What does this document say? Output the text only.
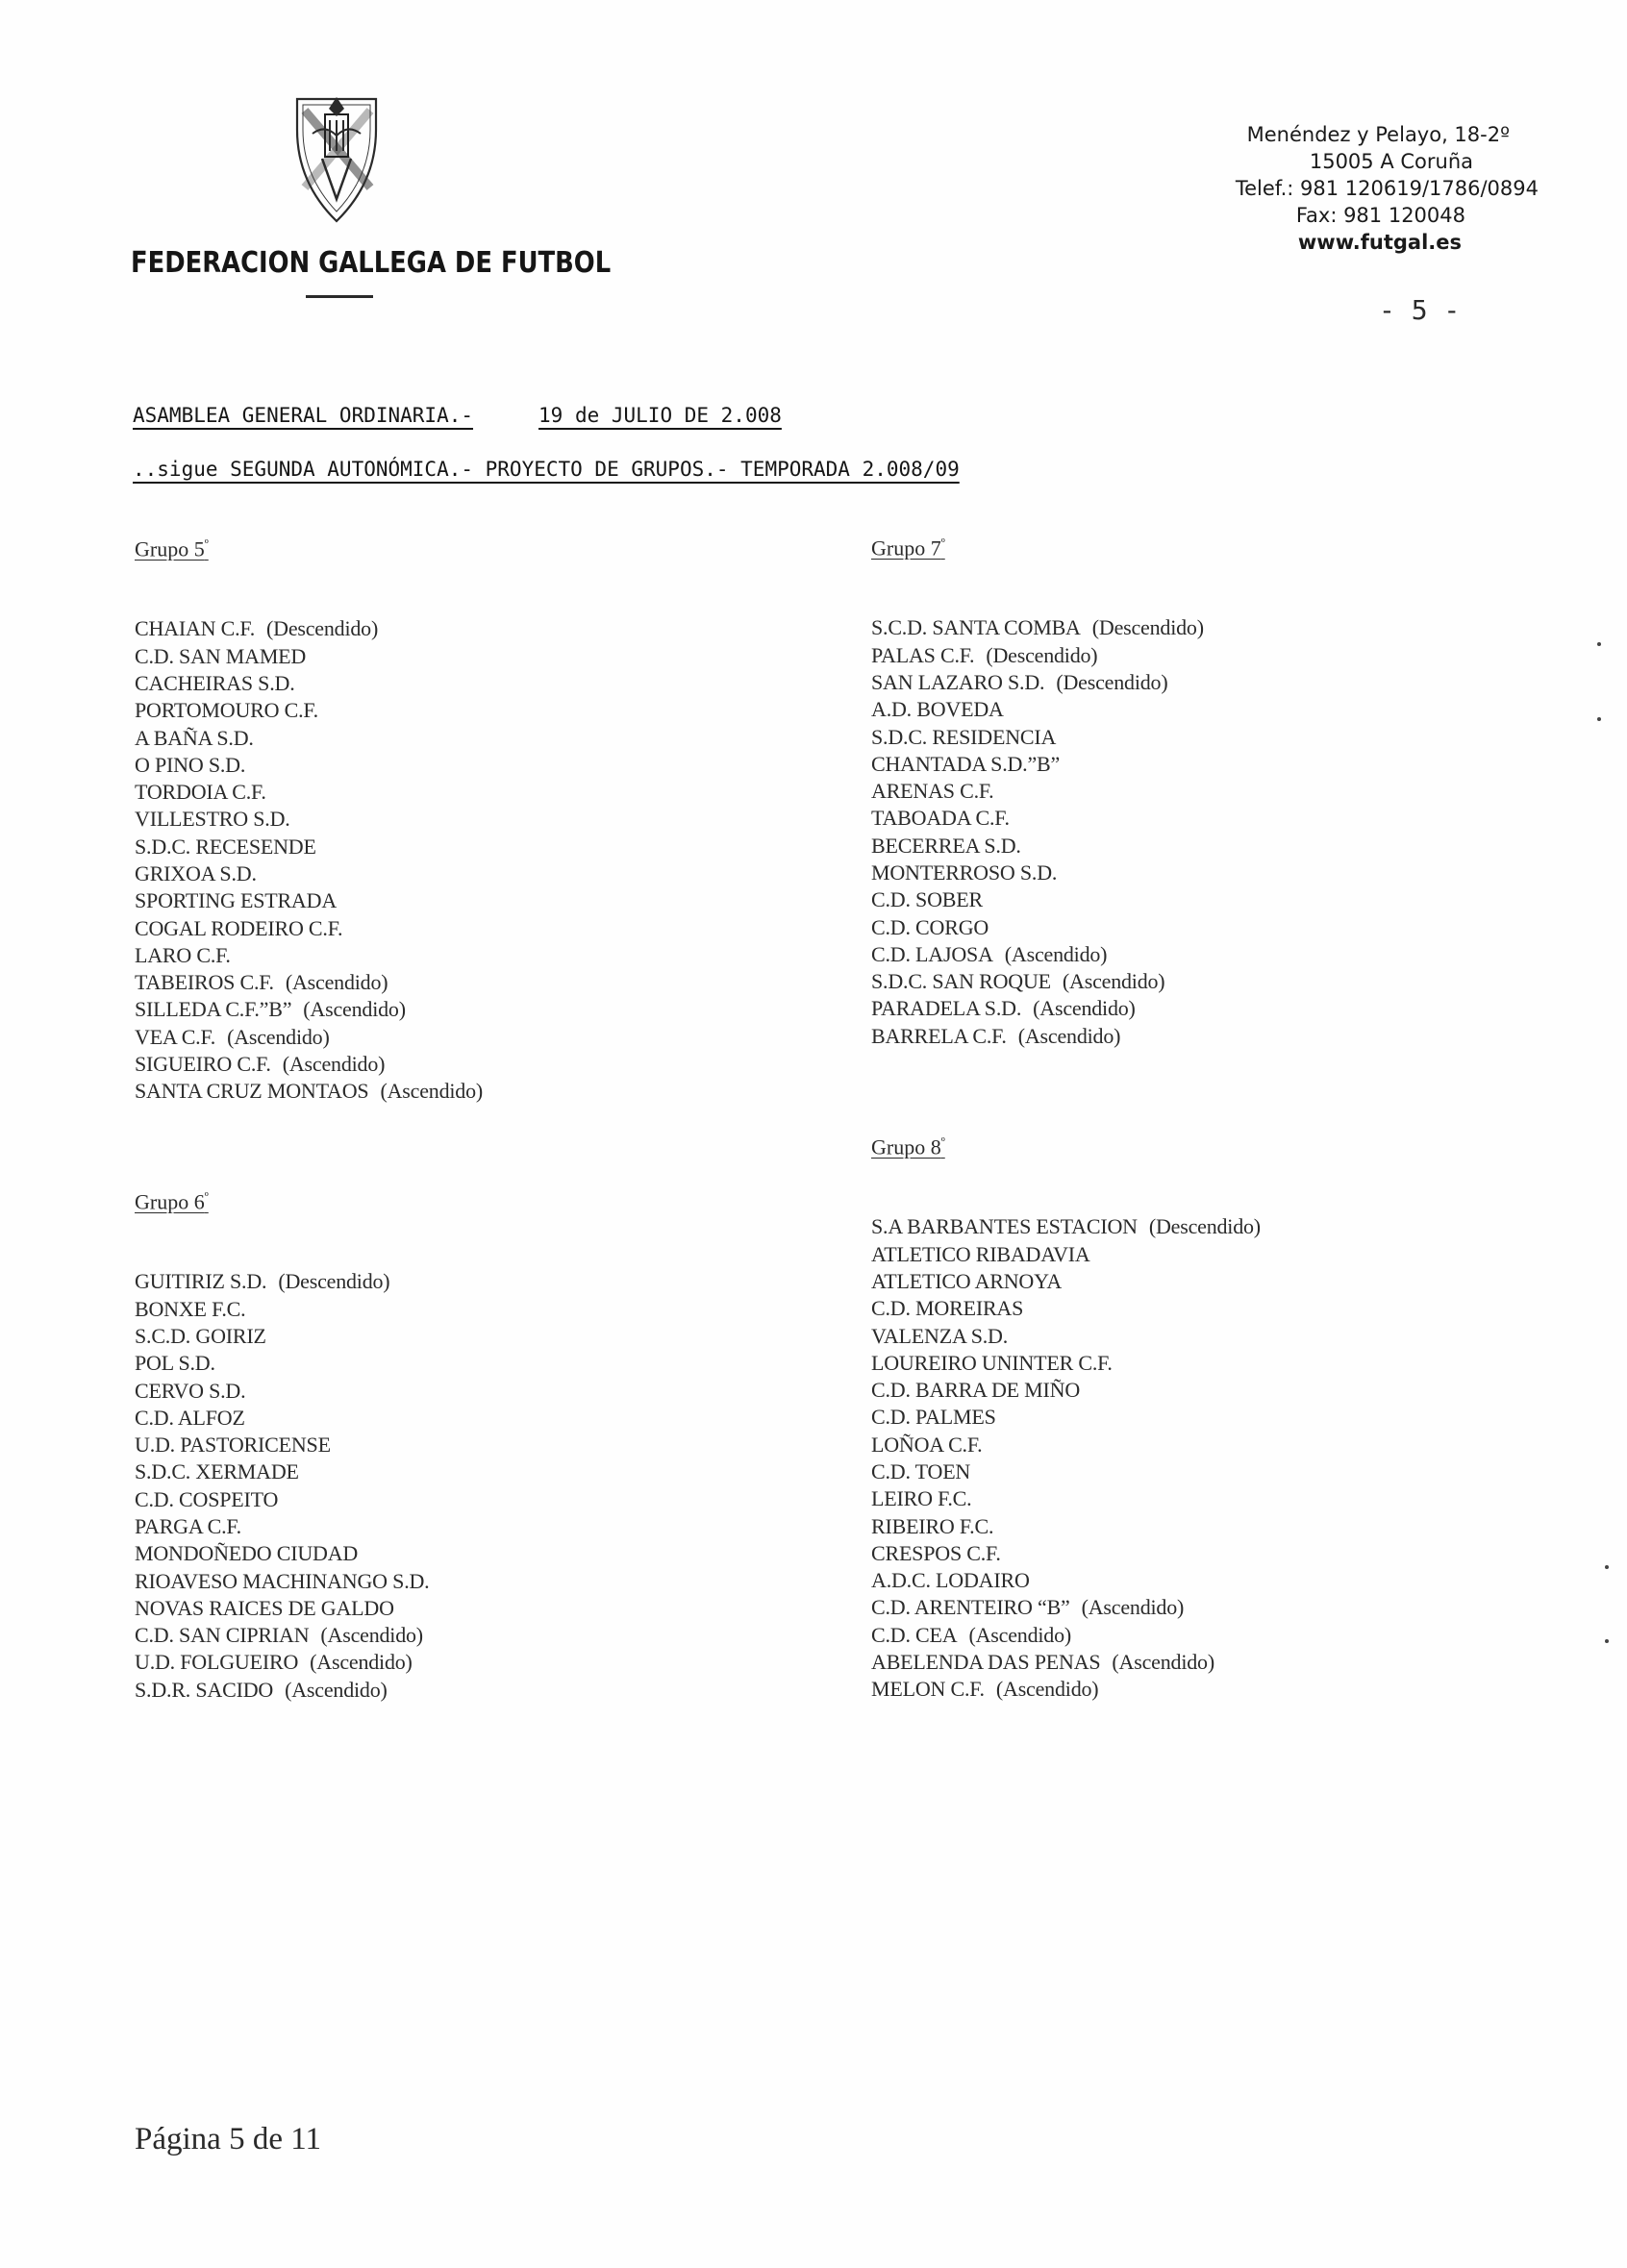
FEDERACION GALLEGA DE FUTBOL
Menéndez y Pelayo, 18-2º
15005 A Coruña
Telef.: 981 120619/1786/0894
Fax: 981 120048
www.futgal.es
- 5 -
ASAMBLEA GENERAL ORDINARIA.-	19 de JULIO DE 2.008
..sigue SEGUNDA AUTONÓMICA.- PROYECTO DE GRUPOS.- TEMPORADA 2.008/09
Grupo $5^º$
CHAIAN C.F. (Descendido)
C.D. SAN MAMED
CACHEIRAS S.D.
PORTOMOURO C.F.
A BAÑA S.D.
O PINO S.D.
TORDOIA C.F.
VILLESTRO S.D.
S.D.C. RECESENDE
GRIXOA S.D.
SPORTING ESTRADA
COGAL RODEIRO C.F.
LARO C.F.
TABEIROS C.F. (Ascendido)
SILLEDA C.F.”B” (Ascendido)
VEA C.F. (Ascendido)
SIGUEIRO C.F. (Ascendido)
SANTA CRUZ MONTAOS (Ascendido)
Grupo $6^º$
GUITIRIZ S.D. (Descendido)
BONXE F.C.
S.C.D. GOIRIZ
POL S.D.
CERVO S.D.
C.D. ALFOZ
U.D. PASTORICENSE
S.D.C. XERMADE
C.D. COSPEITO
PARGA C.F.
MONDOÑEDO CIUDAD
RIOAVESO MACHINANGO S.D.
NOVAS RAICES DE GALDO
C.D. SAN CIPRIAN (Ascendido)
U.D. FOLGUEIRO (Ascendido)
S.D.R. SACIDO (Ascendido)
Grupo $7^º$
S.C.D. SANTA COMBA (Descendido)
PALAS C.F. (Descendido)
SAN LAZARO S.D. (Descendido)
A.D. BOVEDA
S.D.C. RESIDENCIA
CHANTADA S.D.”B”
ARENAS C.F.
TABOADA C.F.
BECERREA S.D.
MONTERROSO S.D.
C.D. SOBER
C.D. CORGO
C.D. LAJOSA (Ascendido)
S.D.C. SAN ROQUE (Ascendido)
PARADELA S.D. (Ascendido)
BARRELA C.F. (Ascendido)
Grupo $8^º$
S.A BARBANTES ESTACION (Descendido)
ATLETICO RIBADAVIA
ATLETICO ARNOYA
C.D. MOREIRAS
VALENZA S.D.
LOUREIRO UNINTER C.F.
C.D. BARRA DE MIÑO
C.D. PALMES
LOÑOA C.F.
C.D. TOEN
LEIRO F.C.
RIBEIRO F.C.
CRESPOS C.F.
A.D.C. LODAIRO
C.D. ARENTEIRO “B” (Ascendido)
C.D. CEA (Ascendido)
ABELENDA DAS PENAS (Ascendido)
MELON C.F. (Ascendido)
Página 5 de 11
